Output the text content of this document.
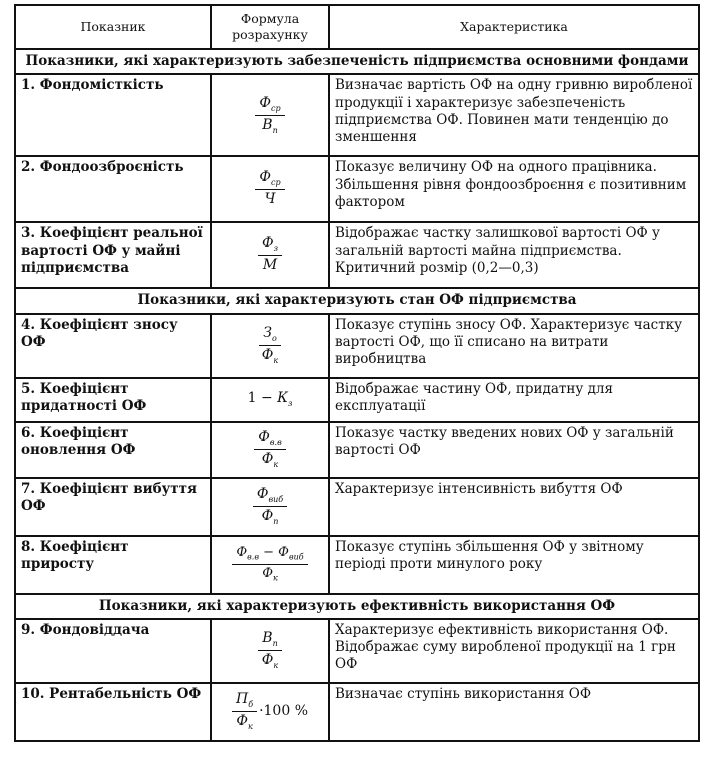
Показник	Формула розрахунку	Характеристика
Показники, які характеризують забезпеченість підприємства основними фондами		
1. Фондомісткість	$\frac{Ф_{ср}}{В_п}$	Визначає вартість ОФ на одну гривню виробленої продукції і характеризує забезпеченість підприємства ОФ. Повинен мати тенденцію до зменшення
2. Фондоозброєність	$\frac{Ф_{ср}}{Ч}$	Показує величину ОФ на одного працівника. Збільшення рівня фондоозброєння є позитивним фактором
3. Коефіцієнт реальної вартості ОФ у майні підприємства	$\frac{Ф_з}{М}$	Відображає частку залишкової вартості ОФ у загальній вартості майна підприємства. Критичний розмір (0,2—0,3)
Показники, які характеризують стан ОФ підприємства		
4. Коефіцієнт зносу ОФ	$\frac{З_о}{Ф_к}$	Показує ступінь зносу ОФ. Характеризує частку вартості ОФ, що її списано на витрати виробництва
5. Коефіцієнт придатності ОФ	$1 - К_з$	Відображає частину ОФ, придатну для експлуатації
6. Коефіцієнт оновлення ОФ	$\frac{Ф_{в.в}}{Ф_к}$	Показує частку введених нових ОФ у загальній вартості ОФ
7. Коефіцієнт вибуття ОФ	$\frac{Ф_{виб}}{Ф_п}$	Характеризує інтенсивність вибуття ОФ
8. Коефіцієнт приросту	$\frac{Ф_{в.в} - Ф_{виб}}{Ф_к}$	Показує ступінь збільшення ОФ у звітному періоді проти минулого року
Показники, які характеризують ефективність використання ОФ		
9. Фондовіддача	$\frac{В_п}{Ф_к}$	Характеризує ефективність використання ОФ. Відображає суму виробленої продукції на 1 грн ОФ
10. Рентабельність ОФ	$\frac{П_б}{Ф_к} \cdot 100$ %	Визначає ступінь використання ОФ
